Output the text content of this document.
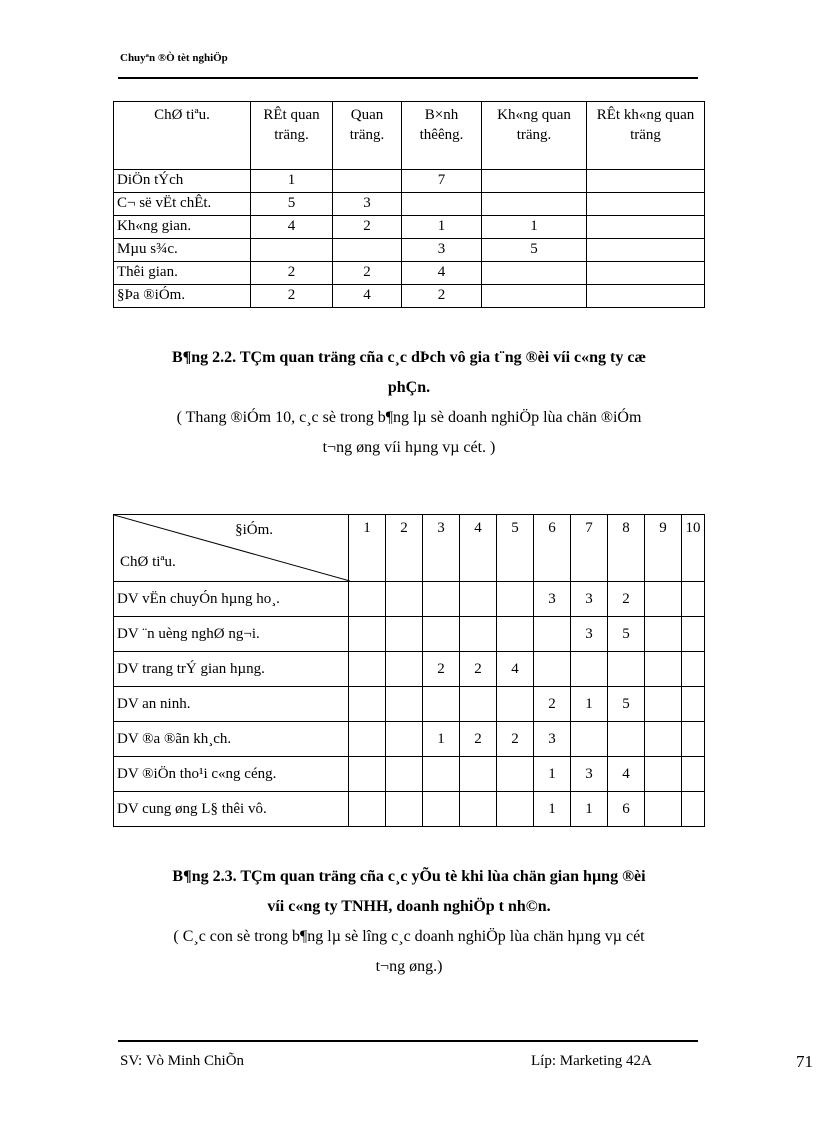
Chuyªn ®Ò tèt nghiÖp
ChØ tiªu.	RÊt quan träng.	Quan träng.	B×nh thêêng.	Kh«ng quan träng.	RÊt kh«ng quan träng
DiÖn tÝch	1		7		
C¬ së vËt chÊt.	5	3			
Kh«ng gian.	4	2	1	1	
Mµu s¾c.			3	5	
Thêi gian.	2	2	4		
§Þa ®iÓm.	2	4	2		
B¶ng 2.2. TÇm quan träng cña c¸c dÞch vô gia t¨ng ®èi víi c«ng ty cæ
phÇn.
( Thang ®iÓm 10, c¸c sè trong b¶ng lµ sè doanh nghiÖp lùa chän ®iÓm
t¬ng øng víi hµng vµ cét. )
§iÓm.
ChØ tiªu.	1	2	3	4	5	6	7	8	9	10
DV vËn chuyÓn hµng ho¸.						3	3	2		
DV ¨n uèng nghØ ng¬i.							3	5		
DV trang trÝ gian hµng.			2	2	4					
DV an ninh.						2	1	5		
DV ®a ®ãn kh¸ch.			1	2	2	3				
DV ®iÖn tho¹i c«ng céng.						1	3	4		
DV cung øng L§ thêi vô.						1	1	6		
B¶ng 2.3. TÇm quan träng cña c¸c yÕu tè khi lùa chän gian hµng ®èi
víi c«ng ty TNHH, doanh nghiÖp t nh©n.
( C¸c con sè trong b¶ng lµ sè lîng c¸c doanh nghiÖp lùa chän hµng vµ cét
t¬ng øng.)
SV: Vò Minh ChiÕn	Líp: Marketing 42A	71
